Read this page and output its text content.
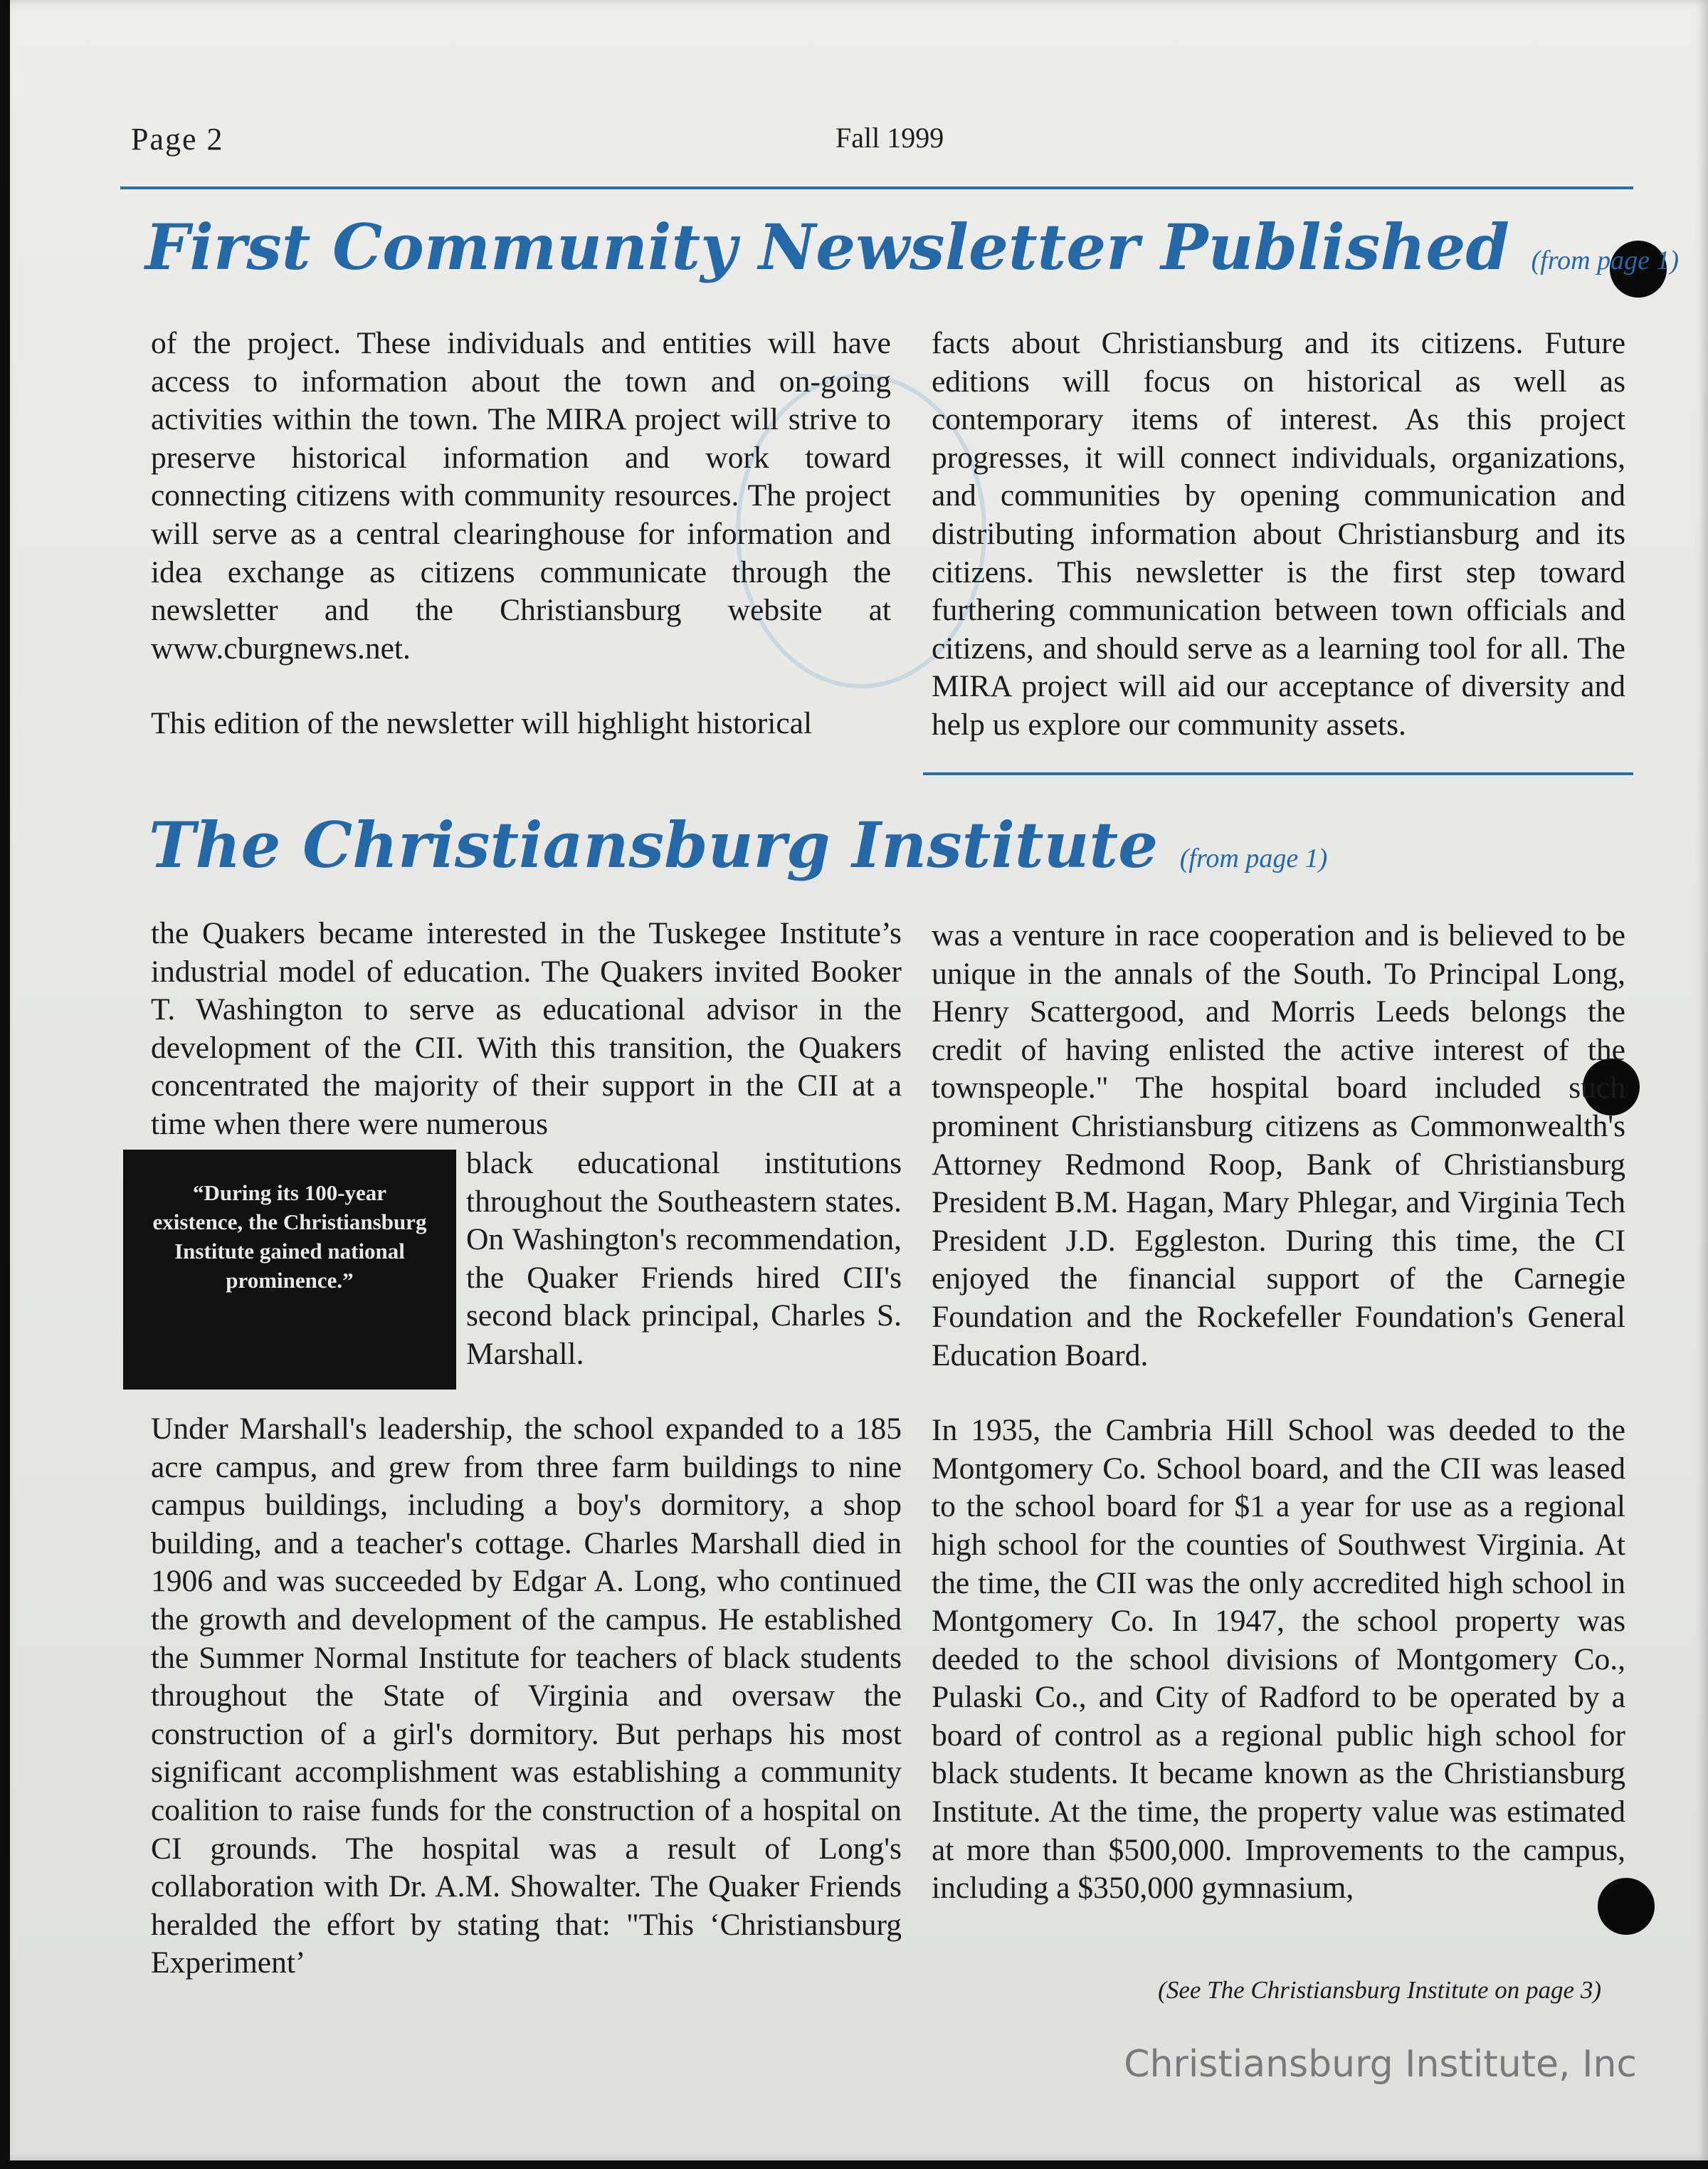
Page 2	Fall 1999
First Community Newsletter Published (from page 1)

of the project. These individuals and entities will have access to information about the town and on-going activities within the town. The MIRA project will strive to preserve historical information and work toward connecting citizens with community resources. The project will serve as a central clearinghouse for information and idea exchange as citizens communicate through the newsletter and the Christiansburg website at www.cburgnews.net.

This edition of the newsletter will highlight historical

facts about Christiansburg and its citizens. Future editions will focus on historical as well as contemporary items of interest. As this project progresses, it will connect individuals, organizations, and communities by opening communication and distributing information about Christiansburg and its citizens. This newsletter is the first step toward furthering communication between town officials and citizens, and should serve as a learning tool for all. The MIRA project will aid our acceptance of diversity and help us explore our community assets.

The Christiansburg Institute (from page 1)

the Quakers became interested in the Tuskegee Institute’s industrial model of education. The Quakers invited Booker T. Washington to serve as educational advisor in the development of the CII. With this transition, the Quakers concentrated the majority of their support in the CII at a time when there were numerous

“During its 100-year existence, the Christiansburg Institute gained national prominence.”

black educational institutions throughout the Southeastern states. On Washington's recommendation, the Quaker Friends hired CII's second black principal, Charles S. Marshall.

Under Marshall's leadership, the school expanded to a 185 acre campus, and grew from three farm buildings to nine campus buildings, including a boy's dormitory, a shop building, and a teacher's cottage. Charles Marshall died in 1906 and was succeeded by Edgar A. Long, who continued the growth and development of the campus. He established the Summer Normal Institute for teachers of black students throughout the State of Virginia and oversaw the construction of a girl's dormitory. But perhaps his most significant accomplishment was establishing a community coalition to raise funds for the construction of a hospital on CI grounds. The hospital was a result of Long's collaboration with Dr. A.M. Showalter. The Quaker Friends heralded the effort by stating that: "This ‘Christiansburg Experiment’

was a venture in race cooperation and is believed to be unique in the annals of the South. To Principal Long, Henry Scattergood, and Morris Leeds belongs the credit of having enlisted the active interest of the townspeople." The hospital board included such prominent Christiansburg citizens as Commonwealth's Attorney Redmond Roop, Bank of Christiansburg President B.M. Hagan, Mary Phlegar, and Virginia Tech President J.D. Eggleston. During this time, the CI enjoyed the financial support of the Carnegie Foundation and the Rockefeller Foundation's General Education Board.

In 1935, the Cambria Hill School was deeded to the Montgomery Co. School board, and the CII was leased to the school board for $1 a year for use as a regional high school for the counties of Southwest Virginia. At the time, the CII was the only accredited high school in Montgomery Co. In 1947, the school property was deeded to the school divisions of Montgomery Co., Pulaski Co., and City of Radford to be operated by a board of control as a regional public high school for black students. It became known as the Christiansburg Institute. At the time, the property value was estimated at more than $500,000. Improvements to the campus, including a $350,000 gymnasium,

(See The Christiansburg Institute on page 3)
Christiansburg Institute, Inc
